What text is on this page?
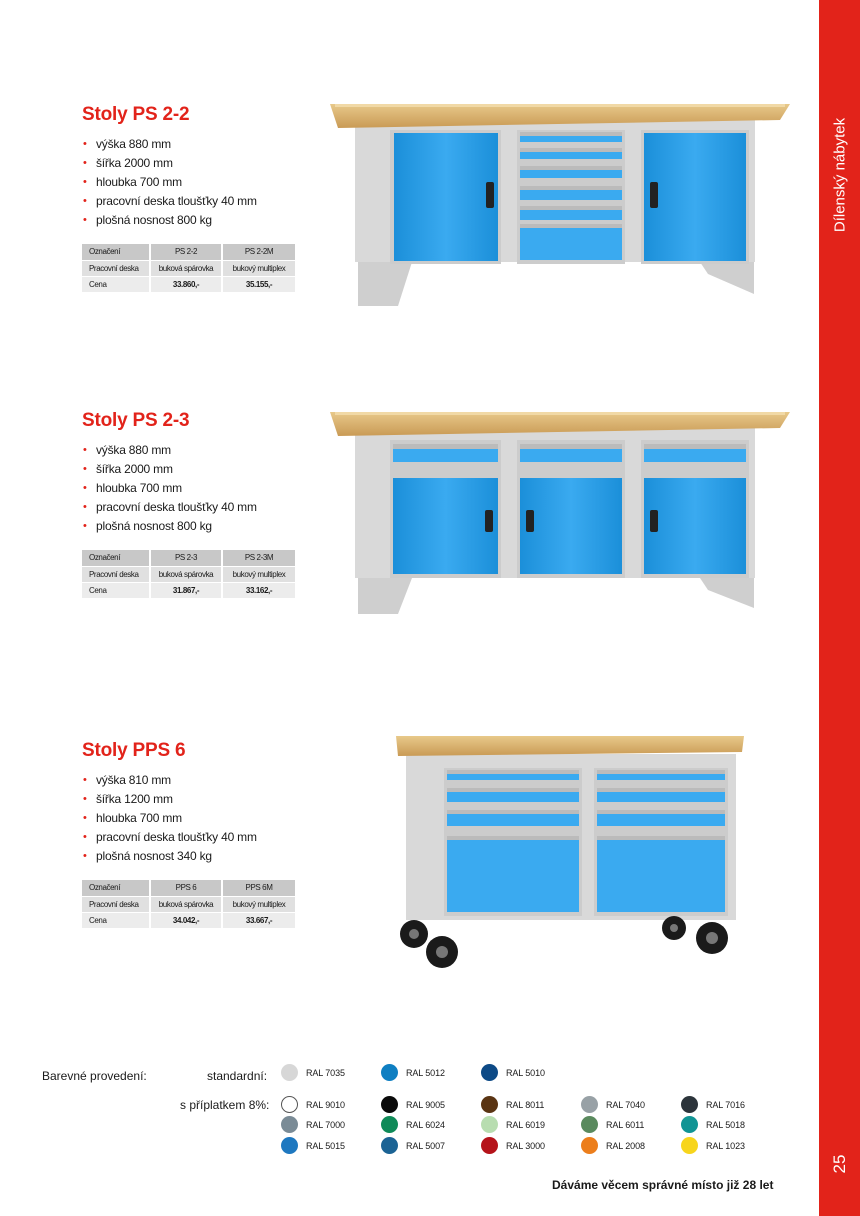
Dílenský nábytek
25
Stoly PS 2-2
• výška 880 mm
• šířka 2000 mm
• hloubka 700 mm
• pracovní deska tloušťky 40 mm
• plošná nosnost 800 kg
Označení	PS 2-2	PS 2-2M
Pracovní deska	buková spárovka	bukový multiplex
Cena	33.860,-	35.155,-
Stoly PS 2-3
• výška 880 mm
• šířka 2000 mm
• hloubka 700 mm
• pracovní deska tloušťky 40 mm
• plošná nosnost 800 kg
Označení	PS 2-3	PS 2-3M
Pracovní deska	buková spárovka	bukový multiplex
Cena	31.867,-	33.162,-
Stoly PPS 6
• výška 810 mm
• šířka 1200 mm
• hloubka 700 mm
• pracovní deska tloušťky 40 mm
• plošná nosnost 340 kg
Označení	PPS 6	PPS 6M
Pracovní deska	buková spárovka	bukový multiplex
Cena	34.042,-	33.667,-
Barevné provedení:	standardní:
s příplatkem 8%:
RAL 7035	RAL 5012	RAL 5010
RAL 9010	RAL 9005	RAL 8011	RAL 7040	RAL 7016
RAL 7000	RAL 6024	RAL 6019	RAL 6011	RAL 5018
RAL 5015	RAL 5007	RAL 3000	RAL 2008	RAL 1023
Dáváme věcem správné místo již 28 let
